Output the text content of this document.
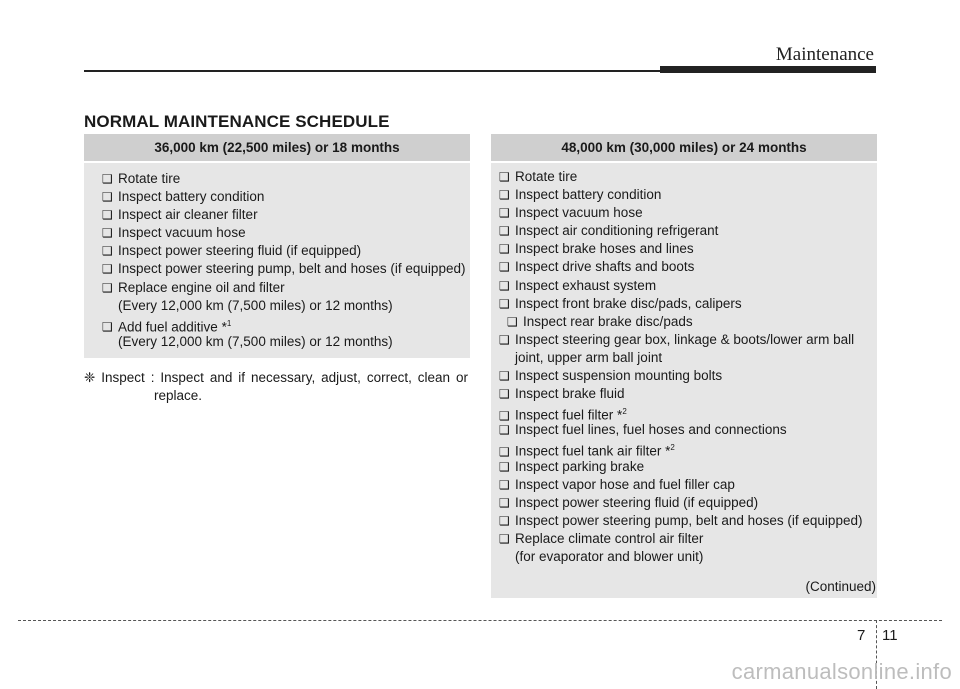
Maintenance
NORMAL MAINTENANCE SCHEDULE
36,000 km (22,500 miles) or 18 months
❑ Rotate tire
❑ Inspect battery condition
❑ Inspect air cleaner filter
❑ Inspect vacuum hose
❑ Inspect power steering fluid (if equipped)
❑ Inspect power steering pump, belt and hoses (if equipped)
❑ Replace engine oil and filter
(Every 12,000 km (7,500 miles) or 12 months)
❑ Add fuel additive *$^1$
(Every 12,000 km (7,500 miles) or 12 months)
❈ Inspect : Inspect and if necessary, adjust, correct, clean or
replace.
48,000 km (30,000 miles) or 24 months
❑ Rotate tire
❑ Inspect battery condition
❑ Inspect vacuum hose
❑ Inspect air conditioning refrigerant
❑ Inspect brake hoses and lines
❑ Inspect drive shafts and boots
❑ Inspect exhaust system
❑ Inspect front brake disc/pads, calipers
❑ Inspect rear brake disc/pads
❑ Inspect steering gear box, linkage & boots/lower arm ball
joint, upper arm ball joint
❑ Inspect suspension mounting bolts
❑ Inspect brake fluid
❑ Inspect fuel filter *$^2$
❑ Inspect fuel lines, fuel hoses and connections
❑ Inspect fuel tank air filter *$^2$
❑ Inspect parking brake
❑ Inspect vapor hose and fuel filler cap
❑ Inspect power steering fluid (if equipped)
❑ Inspect power steering pump, belt and hoses (if equipped)
❑ Replace climate control air filter
(for evaporator and blower unit)
(Continued)
7 11
carmanualsonline.info
